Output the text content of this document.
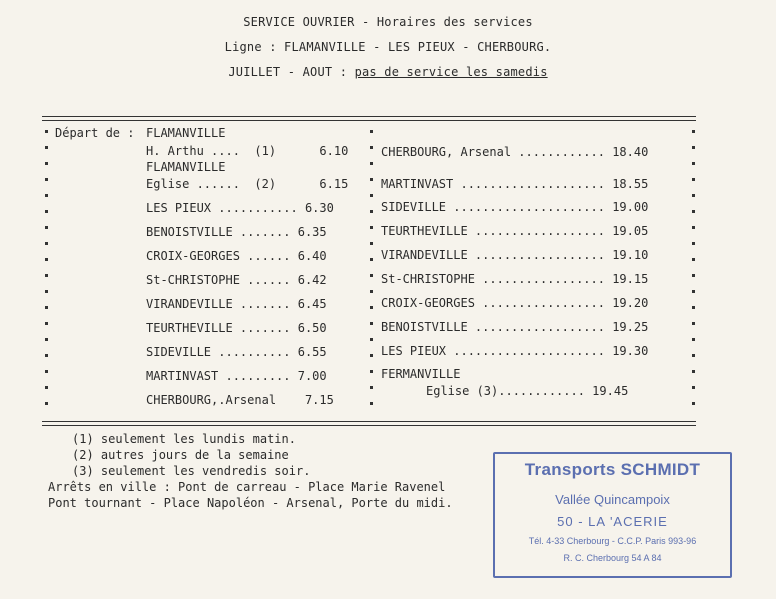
SERVICE OUVRIER - Horaires des services
Ligne : FLAMANVILLE - LES PIEUX - CHERBOURG.
JUILLET - AOUT : pas de service les samedis
Départ de : FLAMANVILLE
H. Arthu ....  (1)      6.10
FLAMANVILLE
Eglise ......  (2)      6.15
LES PIEUX ........... 6.30
BENOISTVILLE ....... 6.35
CROIX-GEORGES ...... 6.40
St-CHRISTOPHE ...... 6.42
VIRANDEVILLE ....... 6.45
TEURTHEVILLE ....... 6.50
SIDEVILLE .......... 6.55
MARTINVAST ......... 7.00
CHERBOURG,.Arsenal    7.15
CHERBOURG, Arsenal ............ 18.40
MARTINVAST .................... 18.55
SIDEVILLE ..................... 19.00
TEURTHEVILLE .................. 19.05
VIRANDEVILLE .................. 19.10
St-CHRISTOPHE ................. 19.15
CROIX-GEORGES ................. 19.20
BENOISTVILLE .................. 19.25
LES PIEUX ..................... 19.30
FERMANVILLE
Eglise (3)............ 19.45
(1) seulement les lundis matin.
(2) autres jours de la semaine
(3) seulement les vendredis soir.
Arrêts en ville : Pont de carreau - Place Marie Ravenel
Pont tournant - Place Napoléon - Arsenal, Porte du midi.
Transports SCHMIDT
Vallée Quincampoix
50 - LA 'ACERIE
Tél. 4-33 Cherbourg - C.C.P. Paris 993-96
R. C. Cherbourg 54 A 84
